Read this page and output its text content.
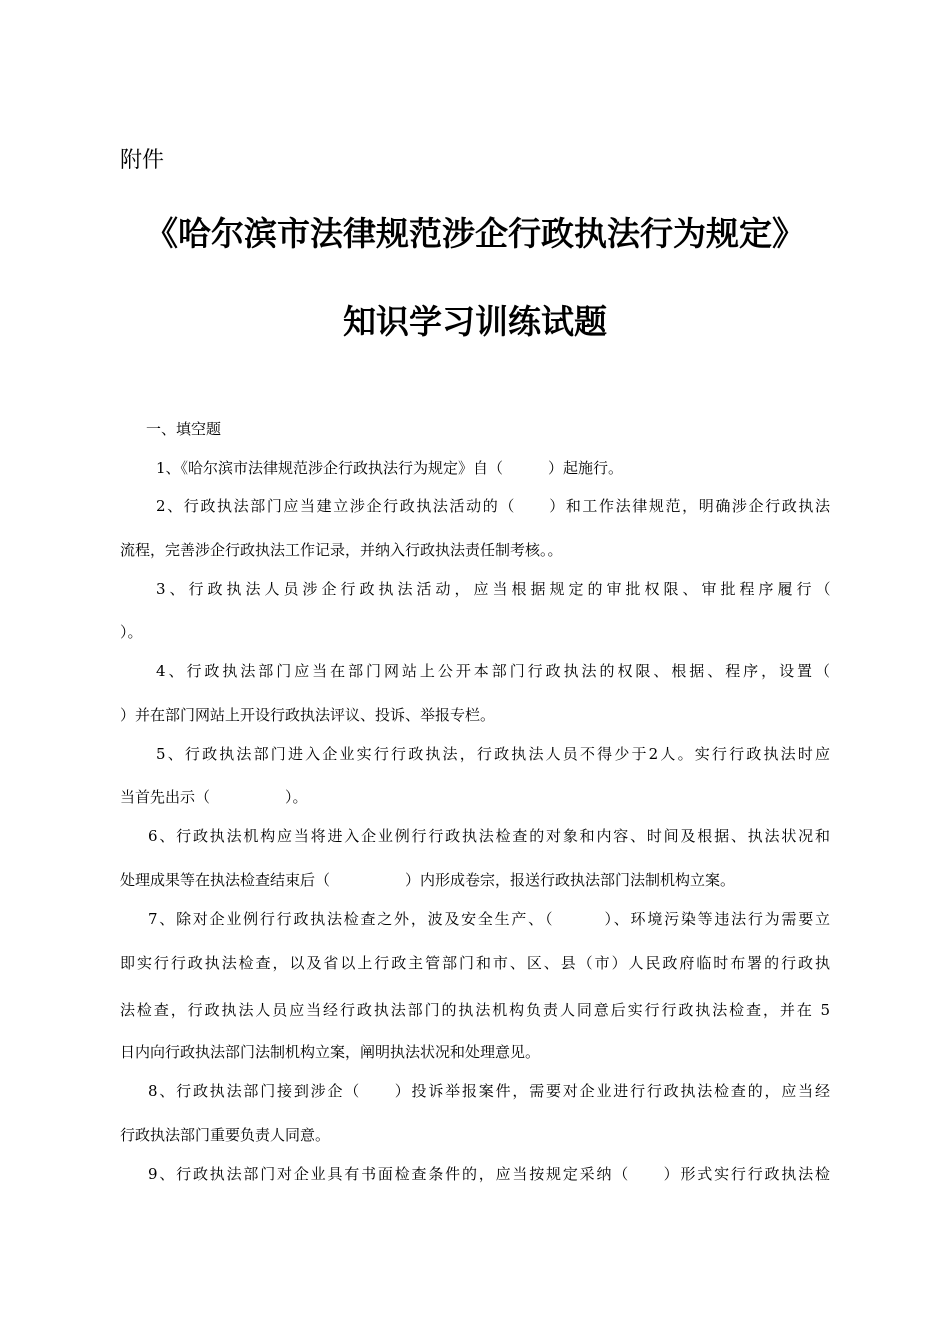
附件
《哈尔滨市法律规范涉企行政执法行为规定》
知识学习训练试题
一、填空题
1、《哈尔滨市法律规范涉企行政执法行为规定》自（　　　）起施行。
2、行政执法部门应当建立涉企行政执法活动的（　　）和工作法律规范，明确涉企行政执法
流程，完善涉企行政执法工作记录，并纳入行政执法责任制考核。。
3、行政执法人员涉企行政执法活动，应当根据规定的审批权限、审批程序履行（
）。
4、行政执法部门应当在部门网站上公开本部门行政执法的权限、根据、程序，设置（
）并在部门网站上开设行政执法评议、投诉、举报专栏。
5、行政执法部门进入企业实行行政执法，行政执法人员不得少于2人。实行行政执法时应
当首先出示（　　　　　）。
6、行政执法机构应当将进入企业例行行政执法检查的对象和内容、时间及根据、执法状况和
处理成果等在执法检查结束后（　　　　　）内形成卷宗，报送行政执法部门法制机构立案。
7、除对企业例行行政执法检查之外，波及安全生产、（　　　）、环境污染等违法行为需要立
即实行行政执法检查，以及省以上行政主管部门和市、区、县（市）人民政府临时布署的行政执
法检查，行政执法人员应当经行政执法部门的执法机构负责人同意后实行行政执法检查，并在 5
日内向行政执法部门法制机构立案，阐明执法状况和处理意见。
8、行政执法部门接到涉企（　　）投诉举报案件，需要对企业进行行政执法检查的，应当经
行政执法部门重要负责人同意。
9、行政执法部门对企业具有书面检查条件的，应当按规定采纳（　　）形式实行行政执法检
